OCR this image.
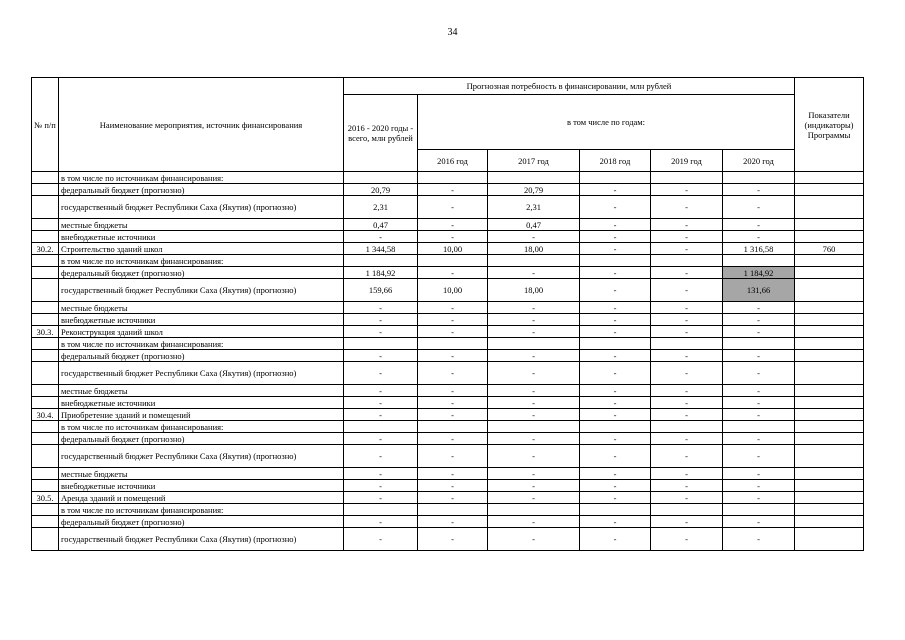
34
№ п/п	Наименование мероприятия, источник финансирования	Прогнозная потребность в финансировании, млн рублей						Показатели (индикаторы) Программы
		2016 - 2020 годы - всего, млн рублей	в том числе по годам:					
			2016 год	2017 год	2018 год	2019 год	2020 год	
	в том числе по источникам финансирования:							
	федеральный бюджет (прогнозно)	20,79	-	20,79	-	-	-	
	государственный бюджет Республики Саха (Якутия) (прогнозно)	2,31	-	2,31	-	-	-	
	местные бюджеты	0,47	-	0,47	-	-	-	
	внебюджетные источники	-	-	-	-	-	-	
30.2.	Строительство зданий школ	1 344,58	10,00	18,00	-	-	1 316,58	760
	в том числе по источникам финансирования:							
	федеральный бюджет (прогнозно)	1 184,92	-	-	-	-	1 184,92	
	государственный бюджет Республики Саха (Якутия) (прогнозно)	159,66	10,00	18,00	-	-	131,66	
	местные бюджеты	-	-	-	-	-	-	
	внебюджетные источники	-	-	-	-	-	-	
30.3.	Реконструкция зданий школ	-	-	-	-	-	-	
	в том числе по источникам финансирования:							
	федеральный бюджет (прогнозно)	-	-	-	-	-	-	
	государственный бюджет Республики Саха (Якутия) (прогнозно)	-	-	-	-	-	-	
	местные бюджеты	-	-	-	-	-	-	
	внебюджетные источники	-	-	-	-	-	-	
30.4.	Приобретение зданий и помещений	-	-	-	-	-	-	
	в том числе по источникам финансирования:							
	федеральный бюджет (прогнозно)	-	-	-	-	-	-	
	государственный бюджет Республики Саха (Якутия) (прогнозно)	-	-	-	-	-	-	
	местные бюджеты	-	-	-	-	-	-	
	внебюджетные источники	-	-	-	-	-	-	
30.5.	Аренда зданий и помещений	-	-	-	-	-	-	
	в том числе по источникам финансирования:							
	федеральный бюджет (прогнозно)	-	-	-	-	-	-	
	государственный бюджет Республики Саха (Якутия) (прогнозно)	-	-	-	-	-	-	
